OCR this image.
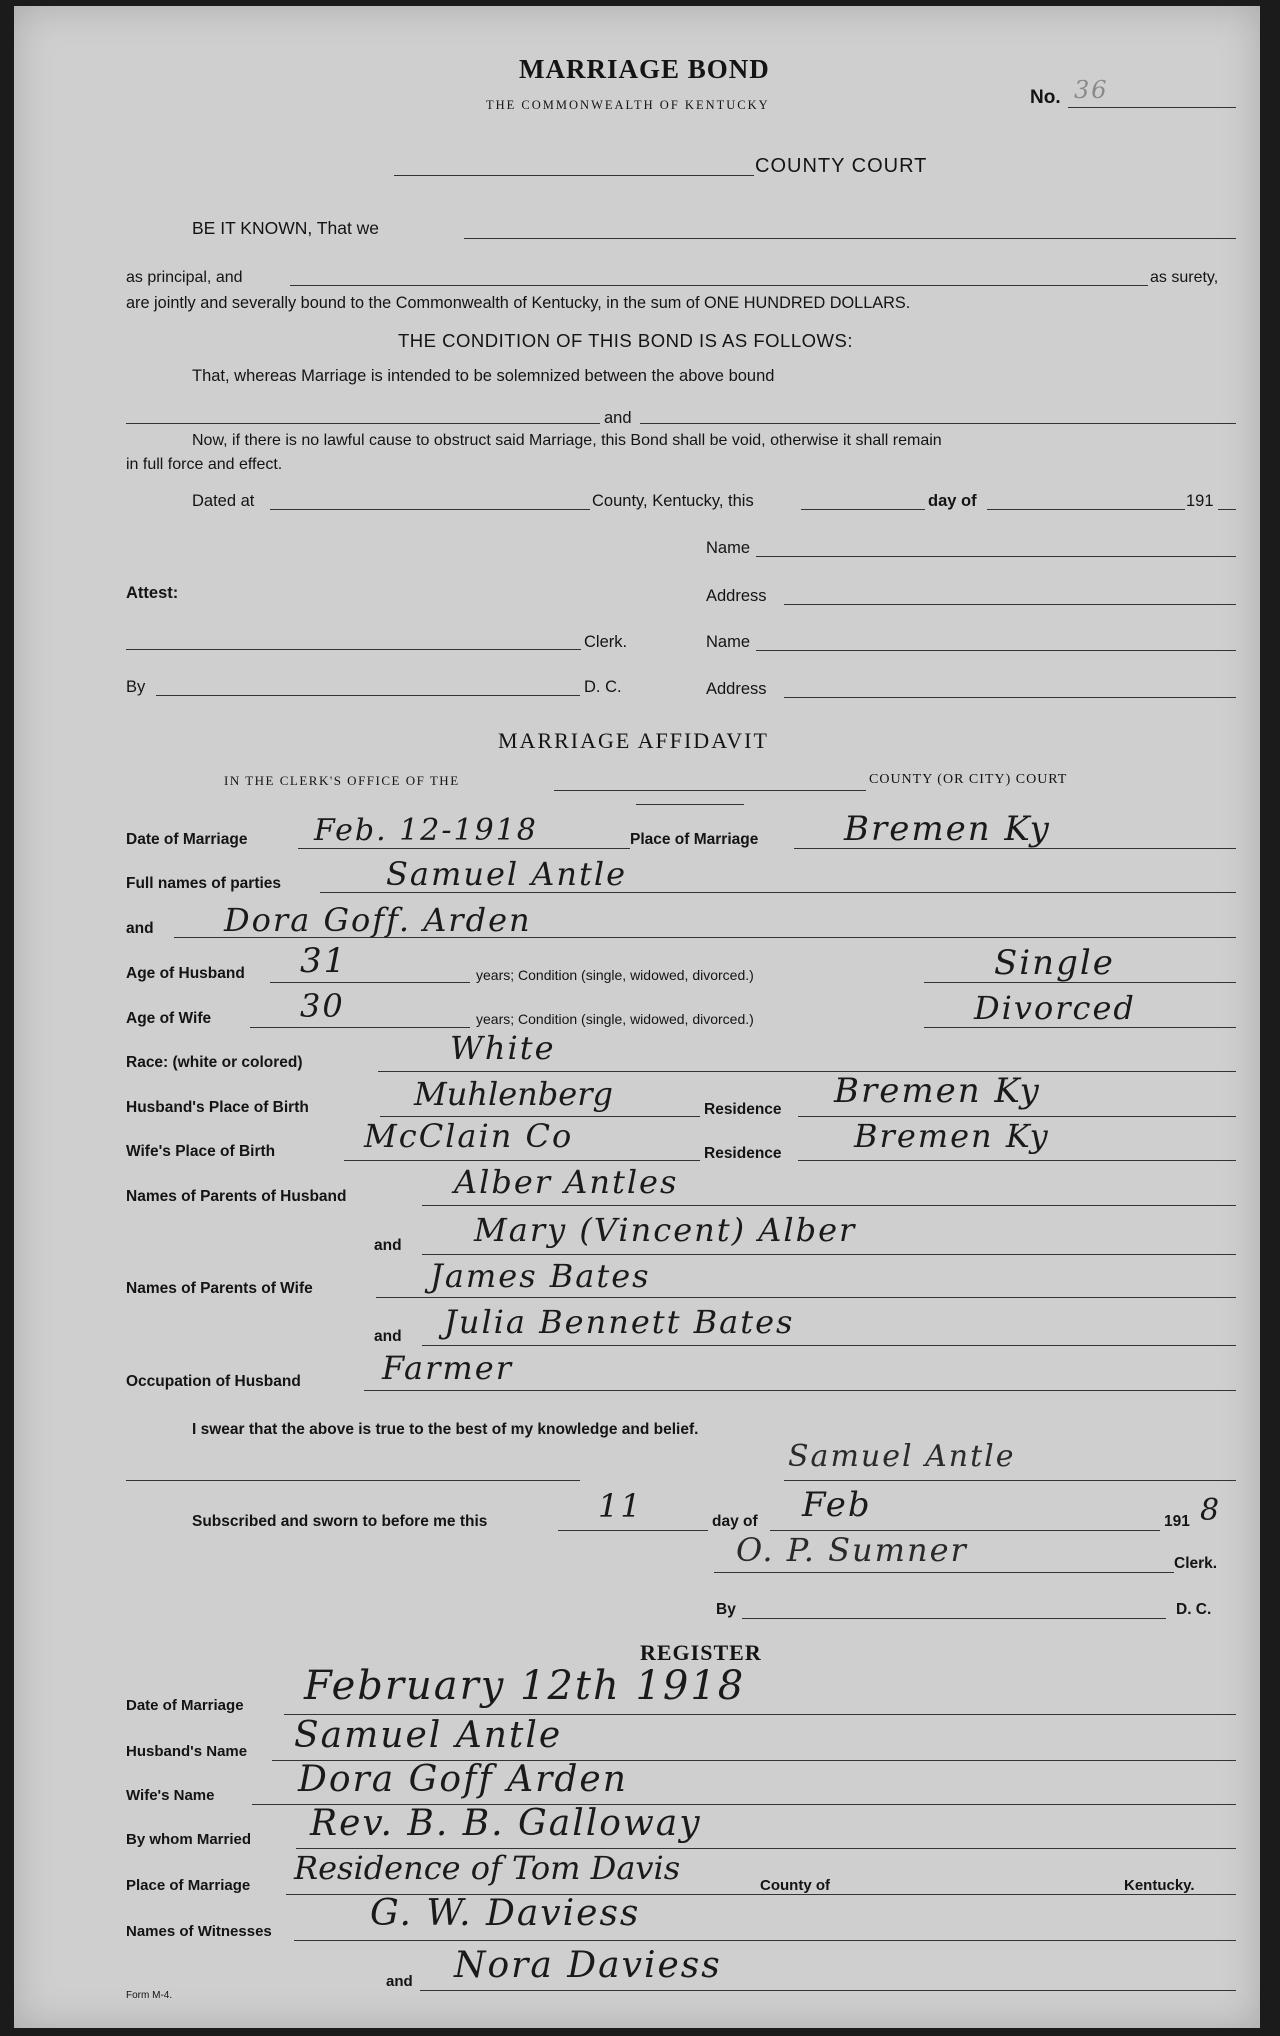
MARRIAGE BOND
THE COMMONWEALTH OF KENTUCKY	No. 36
COUNTY COURT
BE IT KNOWN, That we
as principal, and	as surety,
are jointly and severally bound to the Commonwealth of Kentucky, in the sum of ONE HUNDRED DOLLARS.
THE CONDITION OF THIS BOND IS AS FOLLOWS:
That, whereas Marriage is intended to be solemnized between the above bound
and
Now, if there is no lawful cause to obstruct said Marriage, this Bond shall be void, otherwise it shall remain
in full force and effect.
Dated at	County, Kentucky, this	day of	191
Name
Attest:	Address
Clerk.	Name
By	D. C.	Address
MARRIAGE AFFIDAVIT
IN THE CLERK'S OFFICE OF THE	COUNTY (OR CITY) COURT
Date of Marriage Feb. 12-1918	Place of Marriage	Bremen Ky
Full names of parties	Samuel Antle
and Dora Goff. Arden
Age of Husband 31	years; Condition (single, widowed, divorced.)	Single
Age of Wife	30	years; Condition (single, widowed, divorced.)	Divorced
Race: (white or colored)	White
Husband's Place of Birth	Muhlenberg	Residence Bremen Ky
Wife's Place of Birth	McClain Co	Residence Bremen Ky
Names of Parents of Husband	Alber Antles
and Mary (Vincent) Alber
Names of Parents of Wife	James Bates
and Julia Bennett Bates
Occupation of Husband	Farmer
I swear that the above is true to the best of my knowledge and belief.
Samuel Antle
Subscribed and sworn to before me this	11	day of Feb	191 8
O. P. Sumner	Clerk.
By	D. C.
REGISTER
Date of Marriage February 12th 1918
Husband's Name Samuel Antle
Wife's Name Dora Goff Arden
By whom Married Rev. B. B. Galloway
Place of Marriage Residence of Tom Davis	County of	Kentucky.
Names of Witnesses	G. W. Daviess
and Nora Daviess
Form M-4.
